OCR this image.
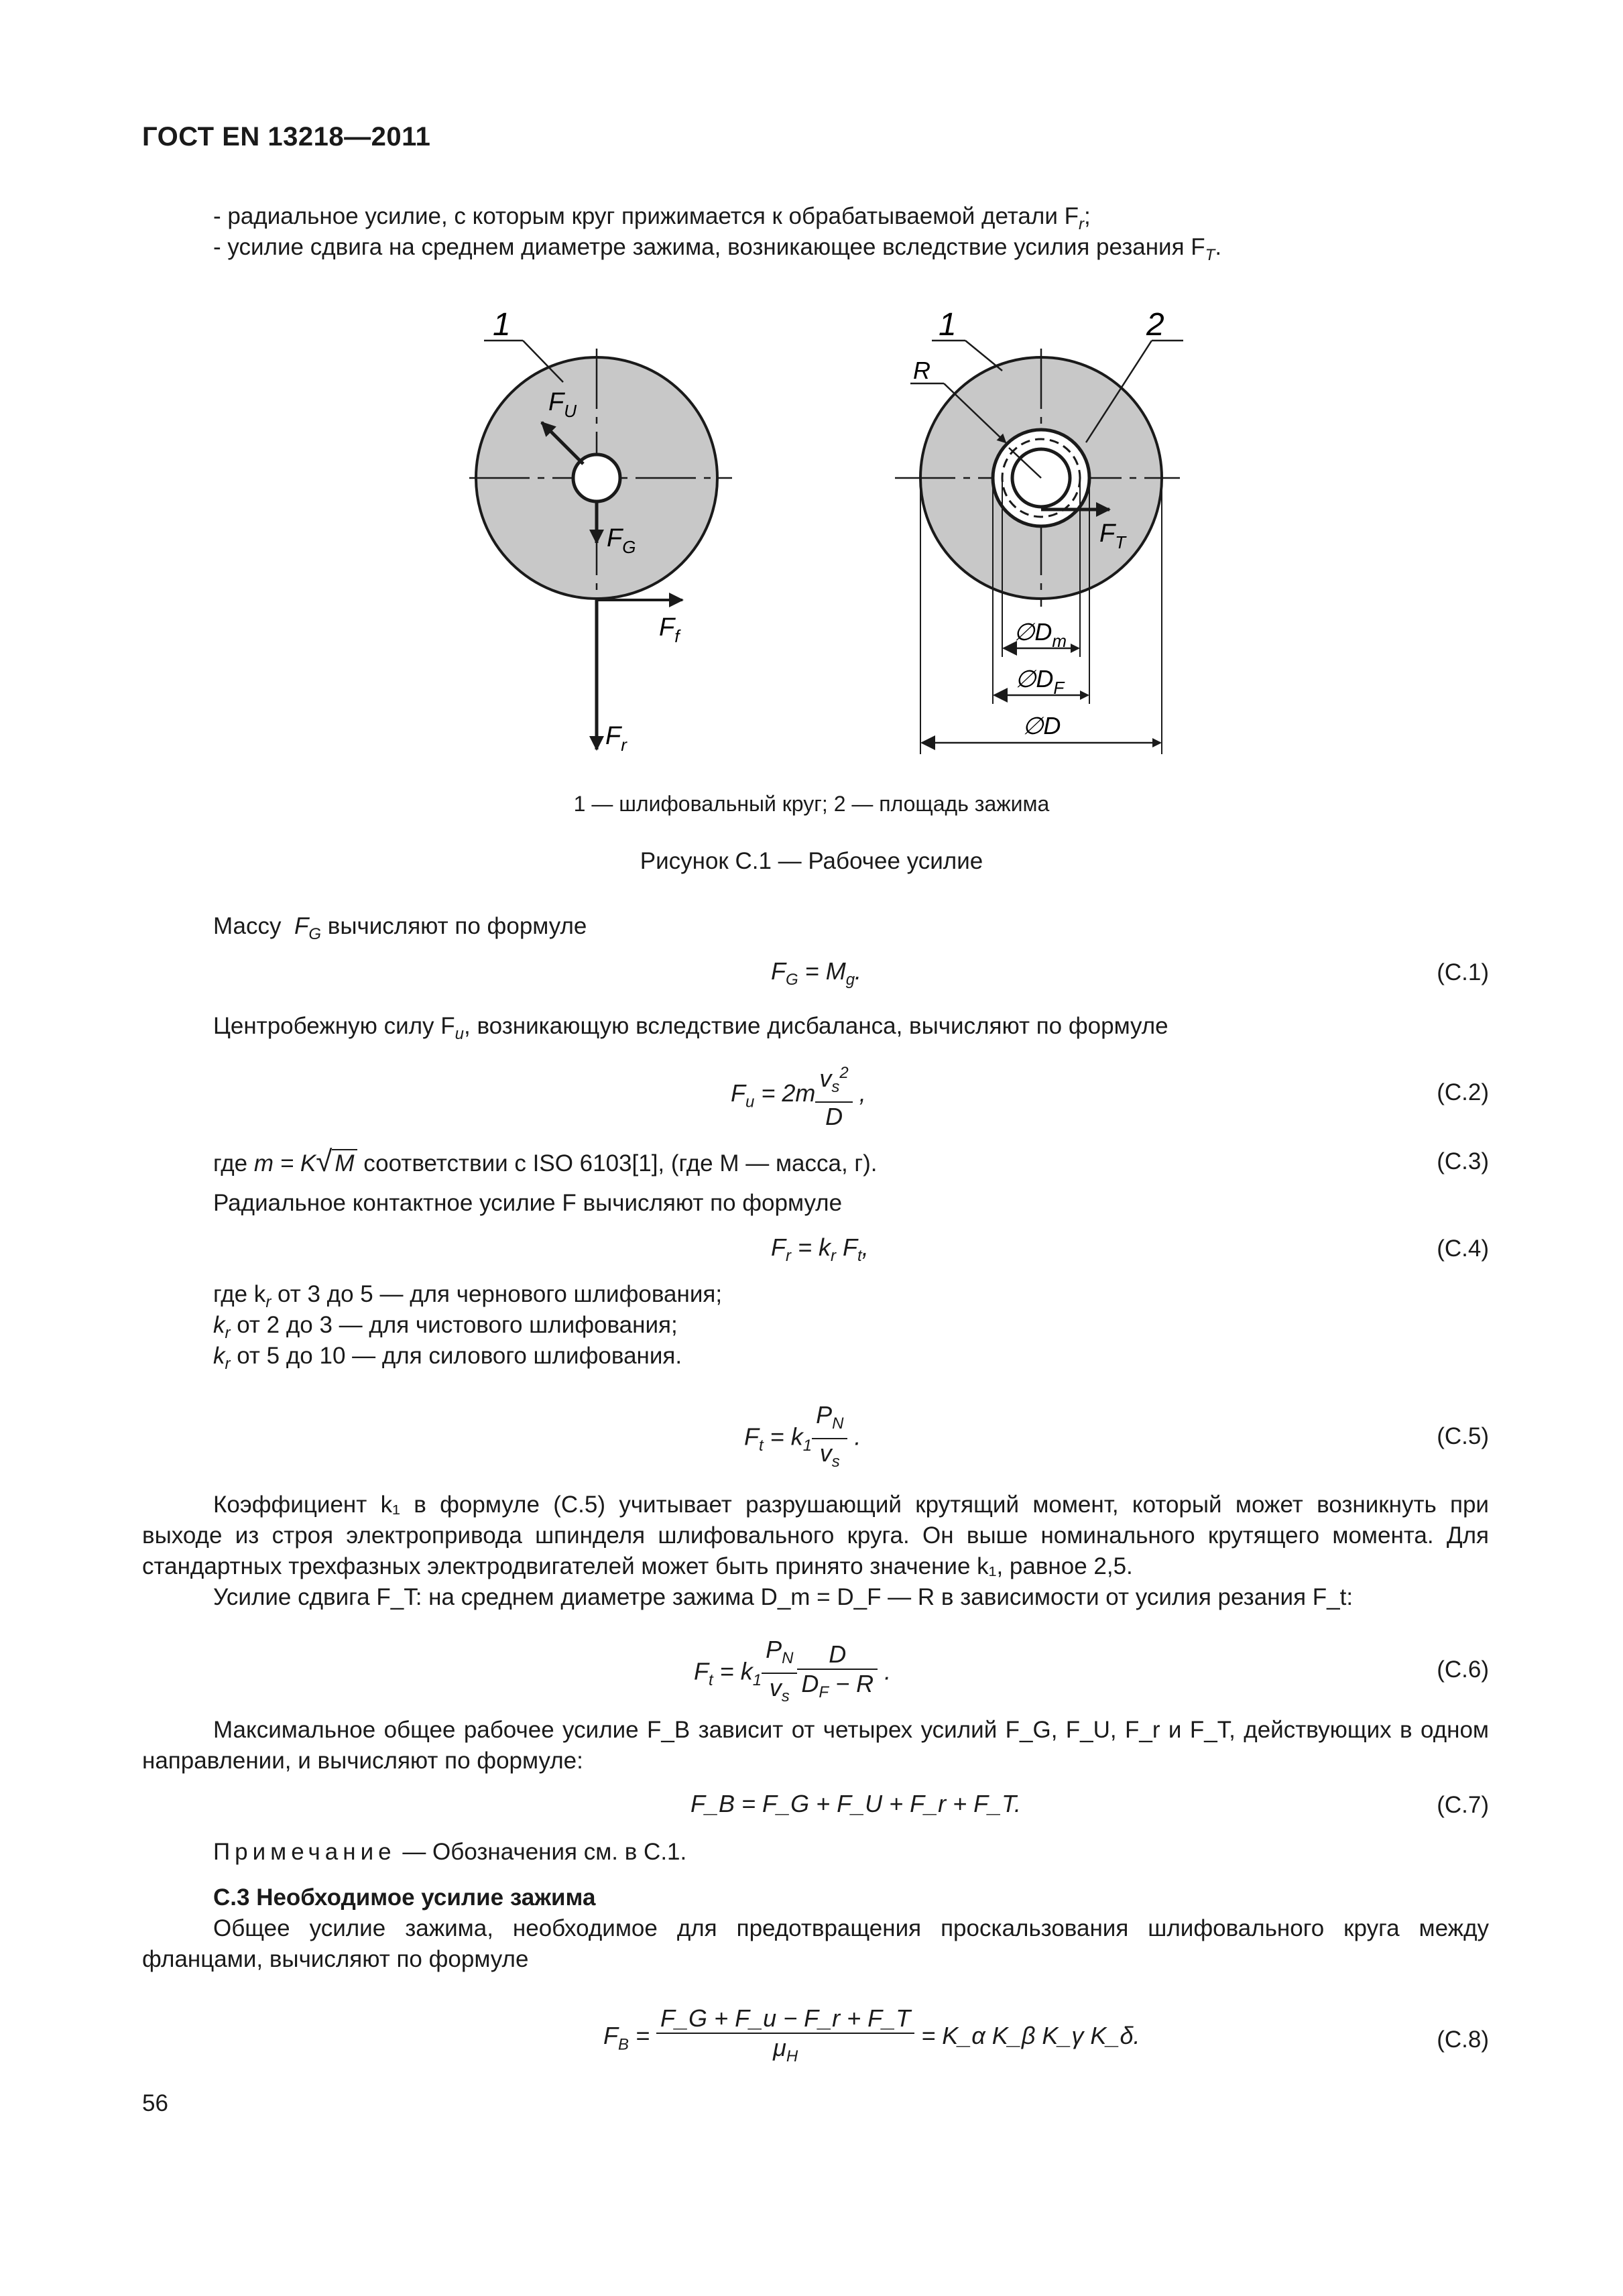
ГОСТ EN 13218—2011
- радиальное усилие, с которым круг прижимается к обрабатываемой детали $F_r$;
- усилие сдвига на среднем диаметре зажима, возникающее вследствие усилия резания $F_T$.
1
$F_U$
$F_G$
$F_f$
$F_r$
1	2
R
$F_T$
$\emptyset D_m$
$\emptyset D_F$
∅D
1 — шлифовальный круг; 2 — площадь зажима
Рисунок С.1 — Рабочее усилие
Массу  $F_G$ вычисляют по формуле
$F_G = M_g$.	(С.1)
Центробежную силу $F_u$, возникающую вследствие дисбаланса, вычисляют по формуле
$F_u = 2m \frac{v_s^2}{D}$ ,	(С.2)
где m = K√ M соответствии с ISO 6103[1], (где М — масса, г).	(С.3)
Радиальное контактное усилие F вычисляют по формуле
$F_r = k_r$ $F_t$,	(С.4)
где $k_r$ от 3 до 5 — для чернового шлифования;
$k_r$ от 2 до 3 — для чистового шлифования;
$k_r$ от 5 до 10 — для силового шлифования.
$F_t = k_1 \frac{P_N}{v_s}$ .	(С.5)
Коэффициент k₁ в формуле (С.5) учитывает разрушающий крутящий момент, который может возникнуть при выходе из строя электропривода шпинделя шлифовального круга. Он выше номинального крутящего момента. Для стандартных трехфазных электродвигателей может быть принято значение k₁, равное 2,5.
Усилие сдвига F_T: на среднем диаметре зажима D_m = D_F — R в зависимости от усилия резания F_t:
$F_t = k_1 \frac{P_N}{v_s} \frac{D}{D_F - R}$ .	(С.6)
Максимальное общее рабочее усилие F_B зависит от четырех усилий F_G, F_U, F_r и F_T, действующих в одном направлении, и вычисляют по формуле:
F_B = F_G + F_U + F_r + F_T.	(С.7)
Примечание — Обозначения см. в С.1.
С.3 Необходимое усилие зажима
Общее усилие зажима, необходимое для предотвращения проскальзования шлифовального круга между фланцами, вычисляют по формуле
$F_B = \frac{F\_G + F\_u - F\_r + F\_T}{\mu_H}$ = K_α K_β K_γ K_δ.	(С.8)
56
